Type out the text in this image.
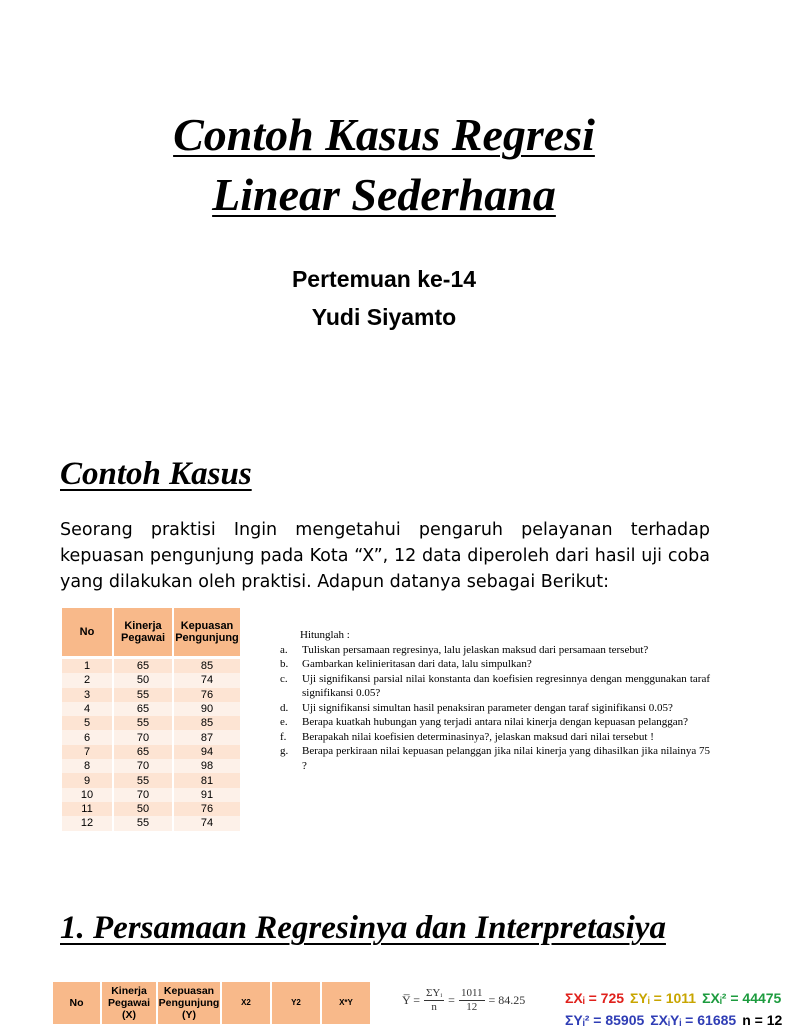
Contoh Kasus Regresi
Linear Sederhana
Pertemuan ke-14
Yudi Siyamto
Contoh Kasus
Seorang praktisi Ingin mengetahui pengaruh pelayanan terhadap kepuasan pengunjung pada Kota “X”, 12 data diperoleh dari hasil uji coba yang dilakukan oleh praktisi. Adapun datanya sebagai Berikut:
No	Kinerja Pegawai	Kepuasan Pengunjung

1	65	85
2	50	74
3	55	76
4	65	90
5	55	85
6	70	87
7	65	94
8	70	98
9	55	81
10	70	91
11	50	76
12	55	74
Hitunglah :
a.	Tuliskan persamaan regresinya, lalu jelaskan maksud dari persamaan tersebut?
b.	Gambarkan kelinieritasan dari data, lalu simpulkan?
c.	Uji signifikansi parsial nilai konstanta dan koefisien regresinnya dengan menggunakan taraf signifikansi 0.05?
d.	Uji signifikansi simultan hasil penaksiran parameter dengan taraf siginifikansi 0.05?
e.	Berapa kuatkah hubungan yang terjadi antara nilai kinerja dengan kepuasan pelanggan?
f.	Berapakah nilai koefisien determinasinya?, jelaskan maksud dari nilai tersebut !
g.	Berapa perkiraan nilai kepuasan pelanggan jika nilai kinerja yang dihasilkan jika nilainya 75 ?
1. Persamaan Regresinya dan Interpretasiya
No	Kinerja Pegawai (X)	Kepuasan Pengunjung (Y)	X2	Y2	X*Y	Y̅ = $\frac{\text{ΣYᵢ}}{n} = \frac{1011}{12} = 84.25$	ΣXᵢ = 725 ΣYᵢ = 1011 ΣXᵢ² = 44475
ΣYᵢ² = 85905 ΣXᵢYᵢ = 61685 n = 12
